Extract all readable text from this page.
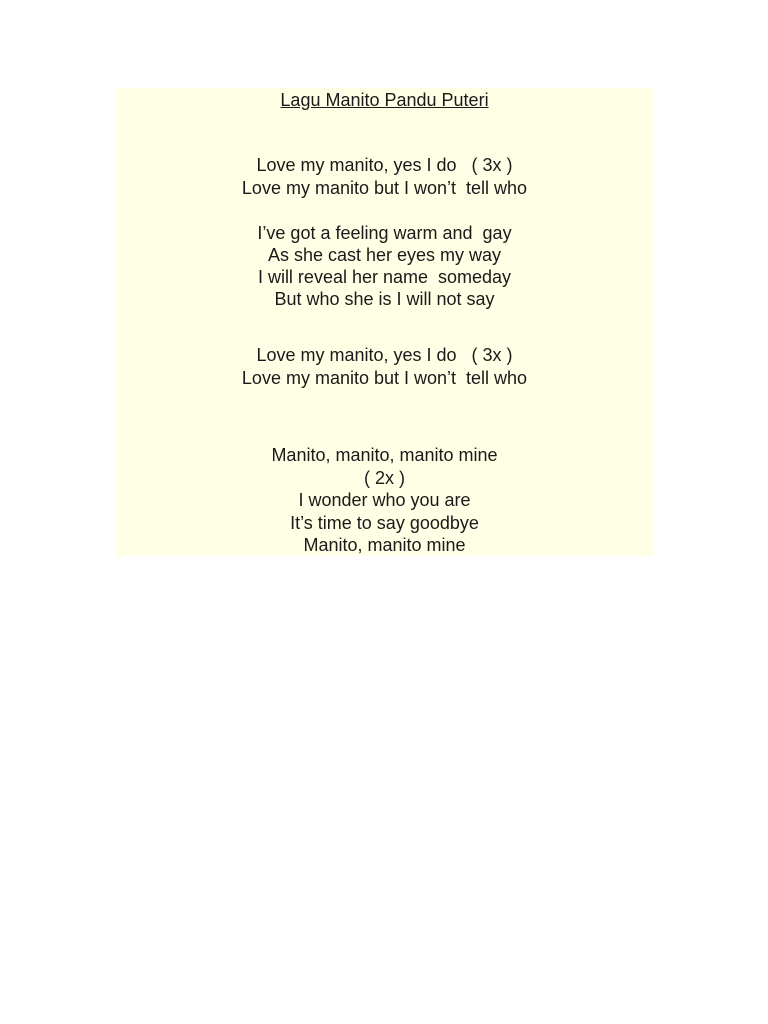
Lagu Manito Pandu Puteri
Love my manito, yes I do   ( 3x )
Love my manito but I won’t  tell who
I’ve got a feeling warm and  gay
As she cast her eyes my way
I will reveal her name  someday
But who she is I will not say
Love my manito, yes I do   ( 3x )
Love my manito but I won’t  tell who
Manito, manito, manito mine
( 2x )
I wonder who you are
It’s time to say goodbye
Manito, manito mine
